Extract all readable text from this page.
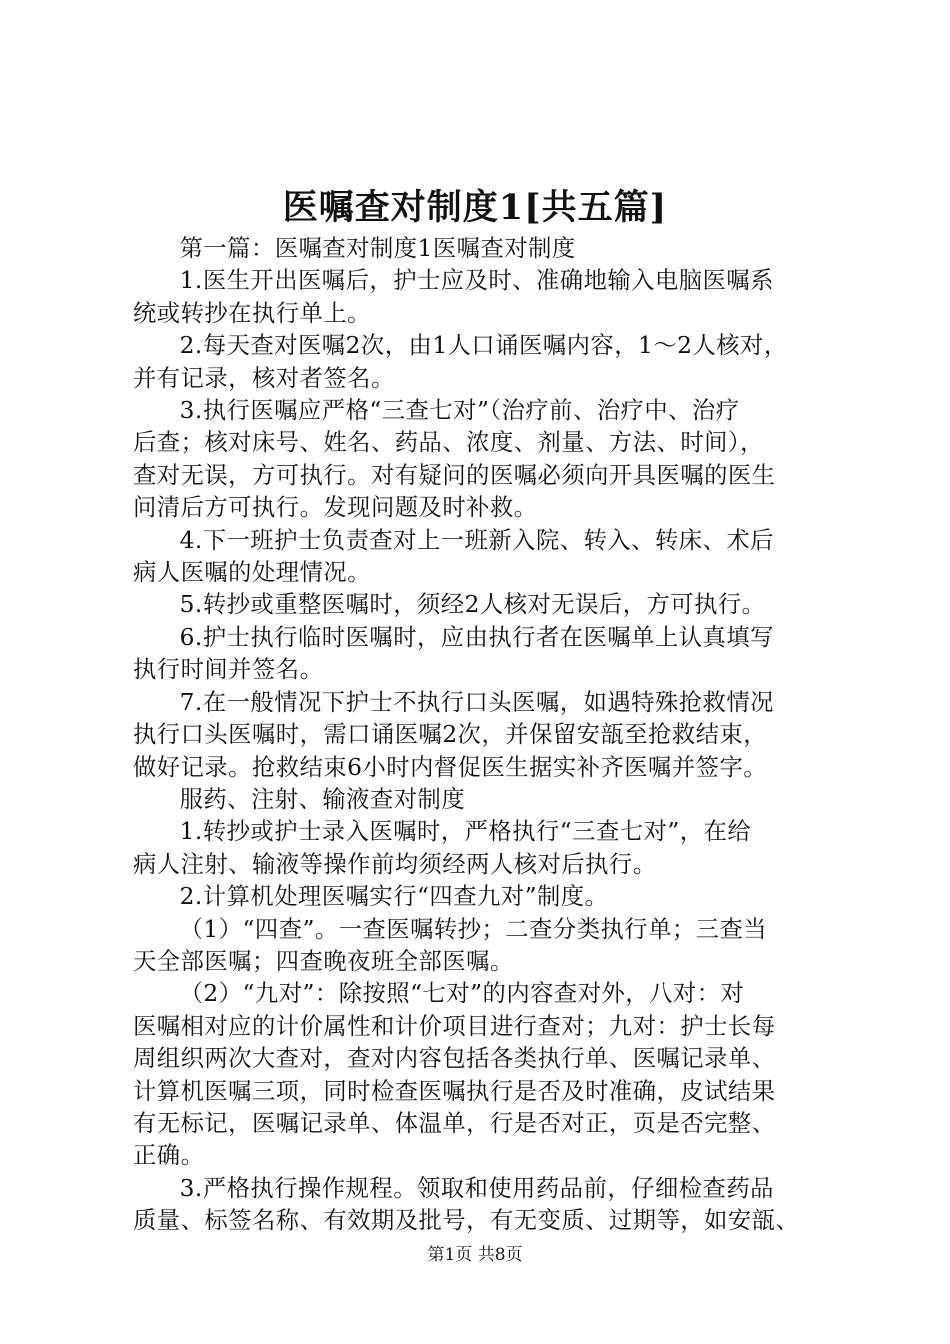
医嘱查对制度1[共五篇]

第一篇：医嘱查对制度1医嘱查对制度

1.医生开出医嘱后，护士应及时、准确地输入电脑医嘱系
统或转抄在执行单上。

2.每天查对医嘱2次，由1人口诵医嘱内容，1～2人核对，
并有记录，核对者签名。

3.执行医嘱应严格“三查七对”（治疗前、治疗中、治疗
后查；核对床号、姓名、药品、浓度、剂量、方法、时间），
查对无误，方可执行。对有疑问的医嘱必须向开具医嘱的医生
问清后方可执行。发现问题及时补救。

4.下一班护士负责查对上一班新入院、转入、转床、术后
病人医嘱的处理情况。

5.转抄或重整医嘱时，须经2人核对无误后，方可执行。

6.护士执行临时医嘱时，应由执行者在医嘱单上认真填写
执行时间并签名。

7.在一般情况下护士不执行口头医嘱，如遇特殊抢救情况
执行口头医嘱时，需口诵医嘱2次，并保留安瓿至抢救结束，
做好记录。抢救结束6小时内督促医生据实补齐医嘱并签字。

服药、注射、输液查对制度

1.转抄或护士录入医嘱时，严格执行“三查七对”，在给
病人注射、输液等操作前均须经两人核对后执行。

2.计算机处理医嘱实行“四查九对”制度。

（1）“四查”。一查医嘱转抄；二查分类执行单；三查当
天全部医嘱；四查晚夜班全部医嘱。

（2）“九对”：除按照“七对”的内容查对外，八对：对
医嘱相对应的计价属性和计价项目进行查对；九对：护士长每
周组织两次大查对，查对内容包括各类执行单、医嘱记录单、
计算机医嘱三项，同时检查医嘱执行是否及时准确，皮试结果
有无标记，医嘱记录单、体温单，行是否对正，页是否完整、
正确。

3.严格执行操作规程。领取和使用药品前，仔细检查药品
质量、标签名称、有效期及批号，有无变质、过期等，如安瓿、

第1页 共8页
